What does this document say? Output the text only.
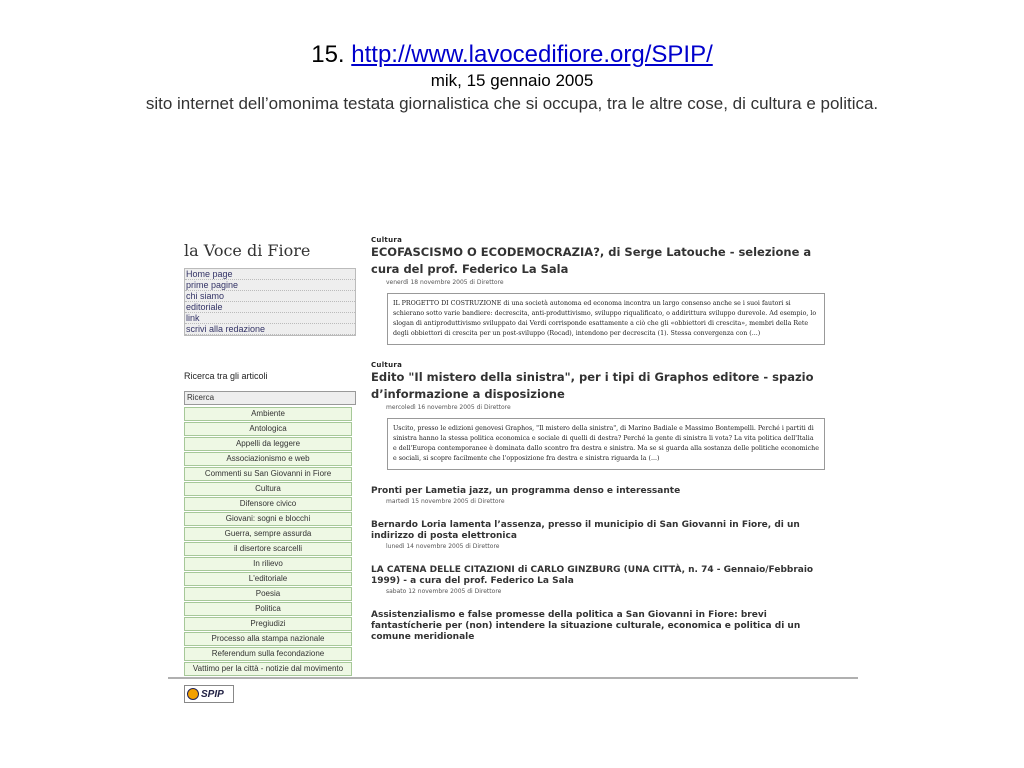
15. http://www.lavocedifiore.org/SPIP/
mik, 15 gennaio 2005
sito internet dell’omonima testata giornalistica che si occupa, tra le altre cose, di cultura e politica.
la Voce di Fiore
Home page
prime pagine
chi siamo
editoriale
link
scrivi alla redazione
Ricerca tra gli articoli
Ricerca
Ambiente
Antologica
Appelli da leggere
Associazionismo e web
Commenti su San Giovanni in Fiore
Cultura
Difensore civico
Giovani: sogni e blocchi
Guerra, sempre assurda
il disertore scarcelli
In rilievo
L'editoriale
Poesia
Politica
Pregiudizi
Processo alla stampa nazionale
Referendum sulla fecondazione
Vattimo per la città - notizie dal movimento
SPIP
Cultura
ECOFASCISMO O ECODEMOCRAZIA?, di Serge Latouche - selezione a cura del prof. Federico La Sala
venerdì 18 novembre 2005 di Direttore
IL PROGETTO DI COSTRUZIONE di una società autonoma ed economa incontra un largo consenso anche se i suoi fautori si schierano sotto varie bandiere: decrescita, anti-produttivismo, sviluppo riqualificato, o addirittura sviluppo durevole. Ad esempio, lo slogan di antiproduttivismo sviluppato dai Verdi corrisponde esattamente a ciò che gli «obbiettori di crescita», membri della Rete degli obbiettori di crescita per un post-sviluppo (Rocad), intendono per decrescita (1). Stessa convergenza con (...)
Cultura
Edito "Il mistero della sinistra", per i tipi di Graphos editore - spazio d’informazione a disposizione
mercoledì 16 novembre 2005 di Direttore
Uscito, presso le edizioni genovesi Graphos, "Il mistero della sinistra", di Marino Badiale e Massimo Bontempelli. Perché i partiti di sinistra hanno la stessa politica economica e sociale di quelli di destra? Perché la gente di sinistra li vota? La vita politica dell'Italia e dell'Europa contemporanee è dominata dallo scontro fra destra e sinistra. Ma se si guarda alla sostanza delle politiche economiche e sociali, si scopre facilmente che l'opposizione fra destra e sinistra riguarda la (...)
Pronti per Lametia jazz, un programma denso e interessante
martedì 15 novembre 2005 di Direttore
Bernardo Loria lamenta l’assenza, presso il municipio di San Giovanni in Fiore, di un indirizzo di posta elettronica
lunedì 14 novembre 2005 di Direttore
LA CATENA DELLE CITAZIONI di CARLO GINZBURG (UNA CITTÀ, n. 74 - Gennaio/Febbraio 1999) - a cura del prof. Federico La Sala
sabato 12 novembre 2005 di Direttore
Assistenzialismo e false promesse della politica a San Giovanni in Fiore: brevi fantastícherie per (non) intendere la situazione culturale, economica e politica di un comune meridionale
